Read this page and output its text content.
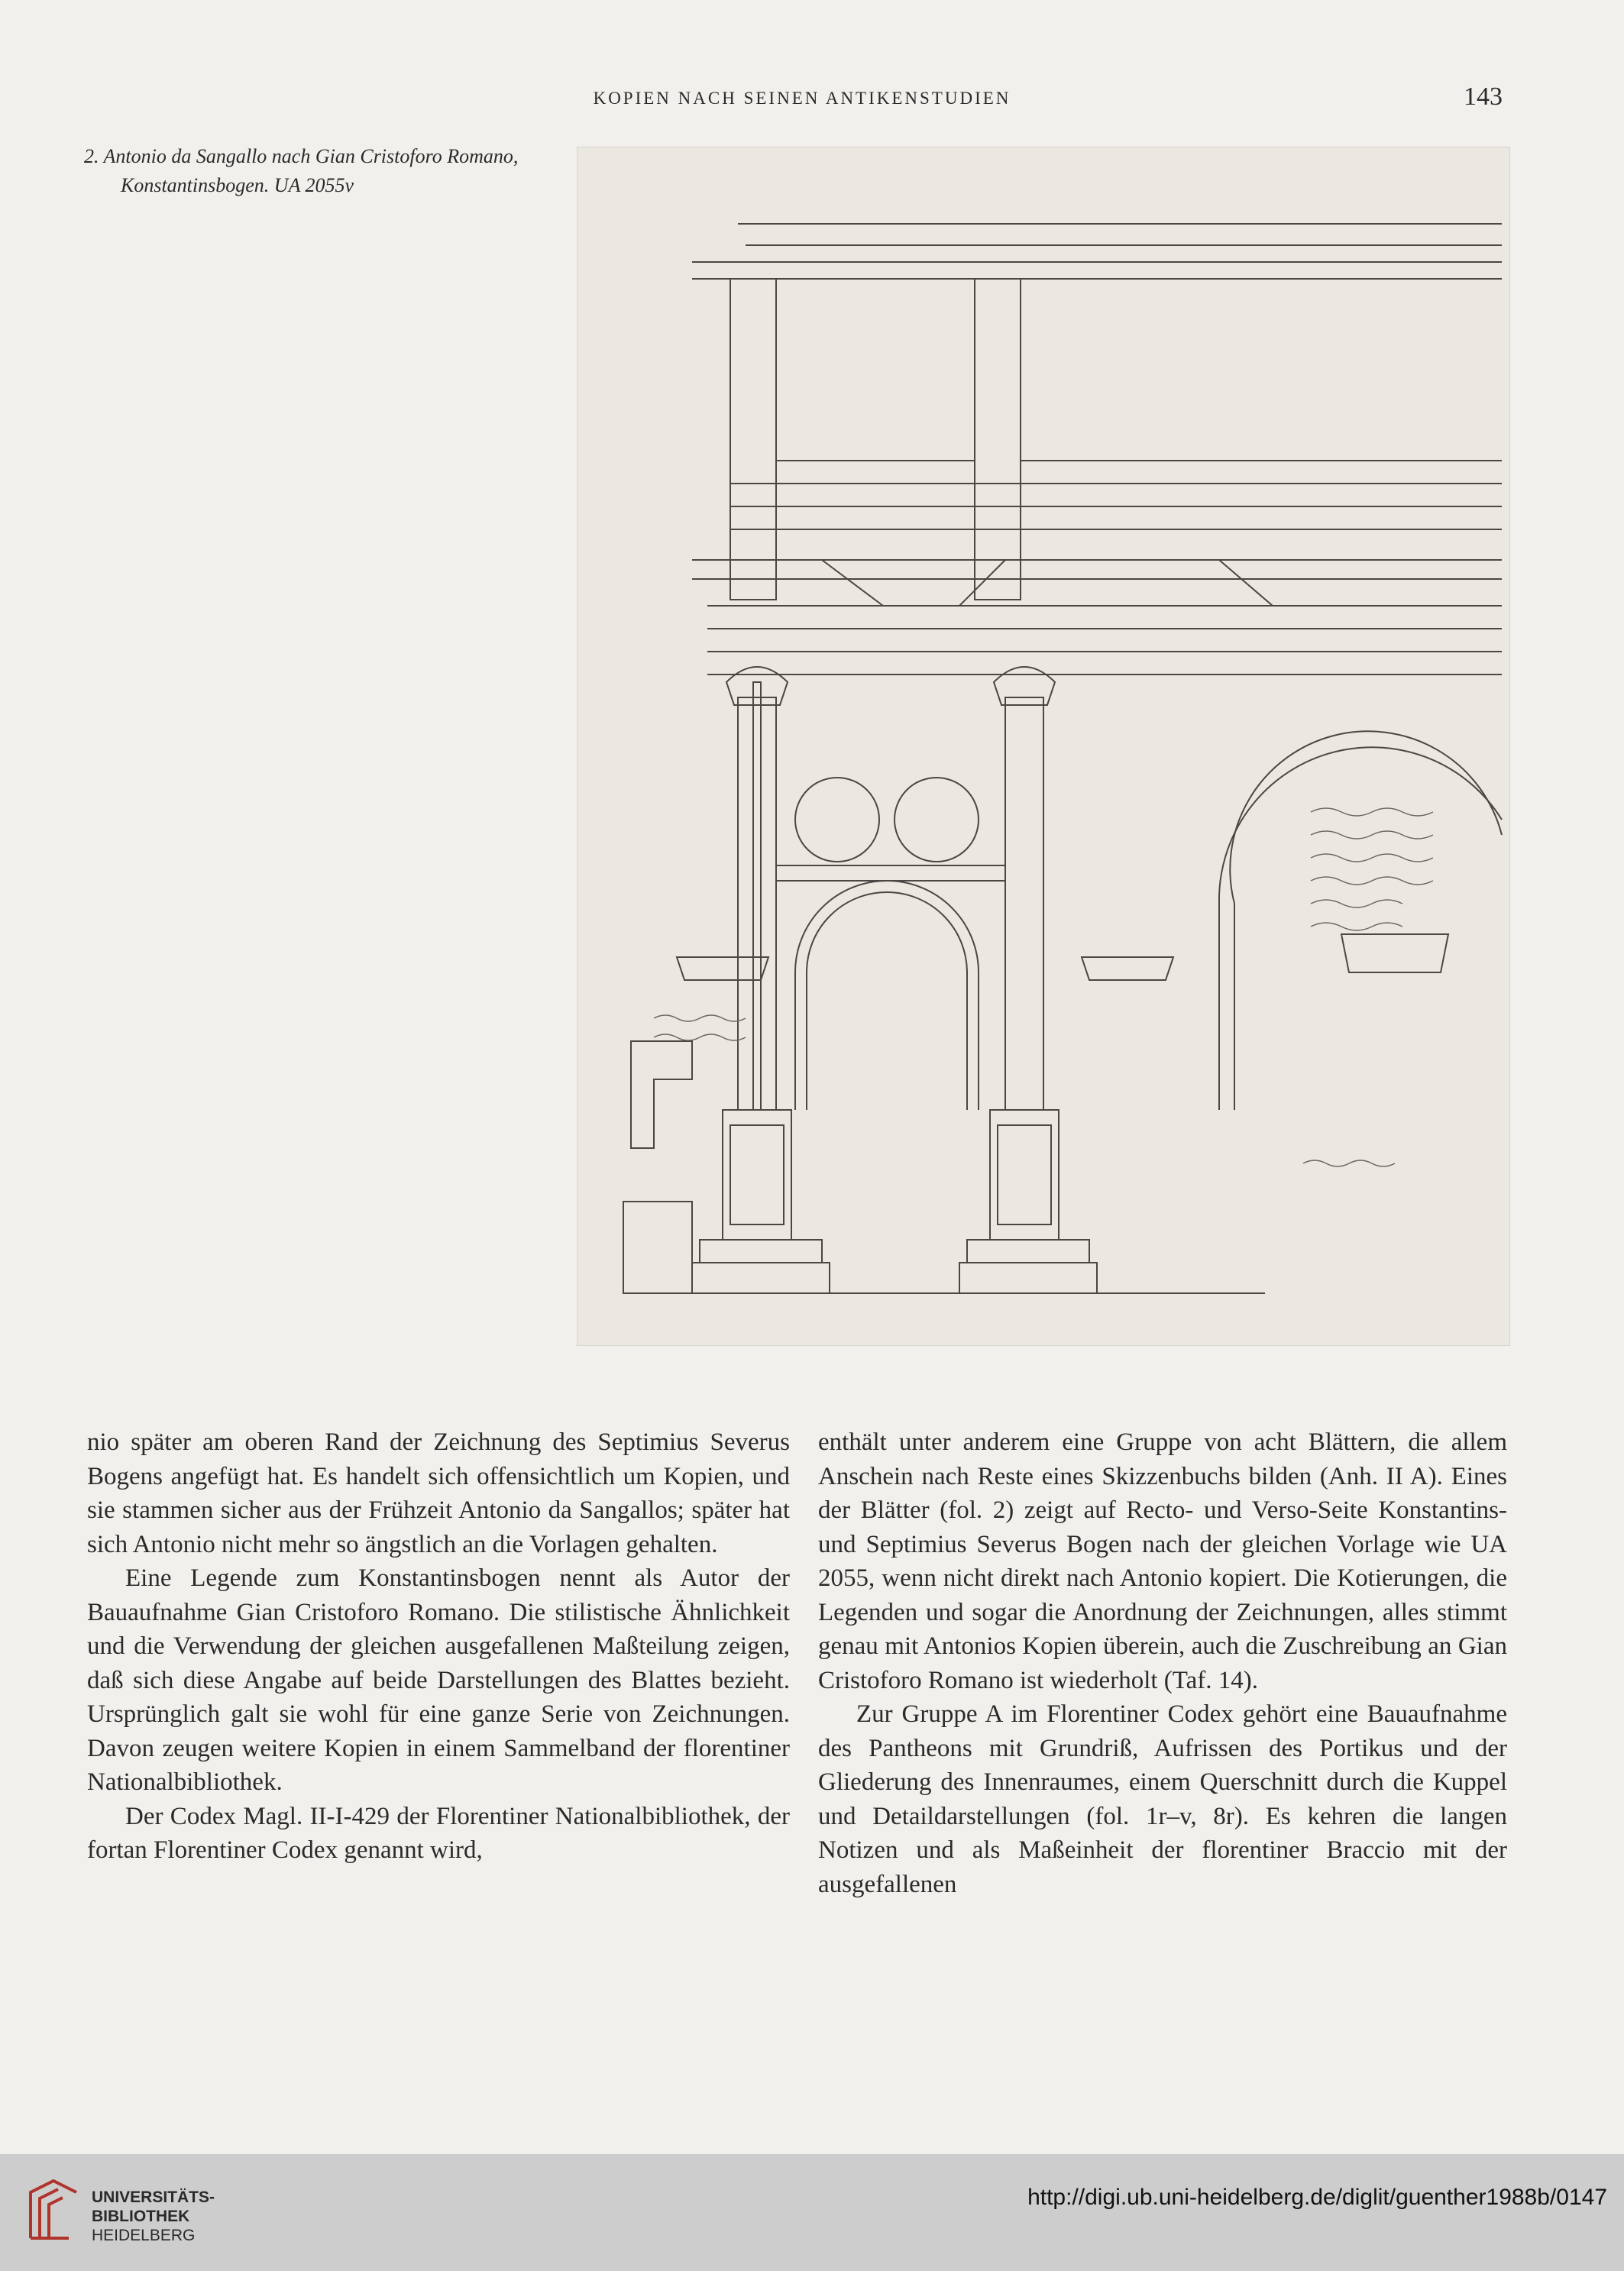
KOPIEN NACH SEINEN ANTIKENSTUDIEN	143
2. Antonio da Sangallo nach Gian Cristoforo Romano,
Konstantinsbogen. UA 2055v

nio später am oberen Rand der Zeichnung des Septimius Severus Bogens angefügt hat. Es handelt sich offensichtlich um Kopien, und sie stammen sicher aus der Frühzeit Antonio da Sangallos; später hat sich Antonio nicht mehr so ängstlich an die Vorlagen gehalten.

Eine Legende zum Konstantinsbogen nennt als Autor der Bauaufnahme Gian Cristoforo Romano. Die stilistische Ähnlichkeit und die Verwendung der gleichen ausgefallenen Maßteilung zeigen, daß sich diese Angabe auf beide Darstellungen des Blattes bezieht. Ursprünglich galt sie wohl für eine ganze Serie von Zeichnungen. Davon zeugen weitere Kopien in einem Sammelband der florentiner Nationalbibliothek.

Der Codex Magl. II-I-429 der Florentiner Nationalbibliothek, der fortan Florentiner Codex genannt wird,

enthält unter anderem eine Gruppe von acht Blättern, die allem Anschein nach Reste eines Skizzenbuchs bilden (Anh. II A). Eines der Blätter (fol. 2) zeigt auf Recto- und Verso-Seite Konstantins- und Septimius Severus Bogen nach der gleichen Vorlage wie UA 2055, wenn nicht direkt nach Antonio kopiert. Die Kotierungen, die Legenden und sogar die Anordnung der Zeichnungen, alles stimmt genau mit Antonios Kopien überein, auch die Zuschreibung an Gian Cristoforo Romano ist wiederholt (Taf. 14).

Zur Gruppe A im Florentiner Codex gehört eine Bauaufnahme des Pantheons mit Grundriß, Aufrissen des Portikus und der Gliederung des Innenraumes, einem Querschnitt durch die Kuppel und Detaildarstellungen (fol. 1r–v, 8r). Es kehren die langen Notizen und als Maßeinheit der florentiner Braccio mit der ausgefallenen

UNIVERSITÄTS-
BIBLIOTHEK
HEIDELBERG
http://digi.ub.uni-heidelberg.de/diglit/guenther1988b/0147
